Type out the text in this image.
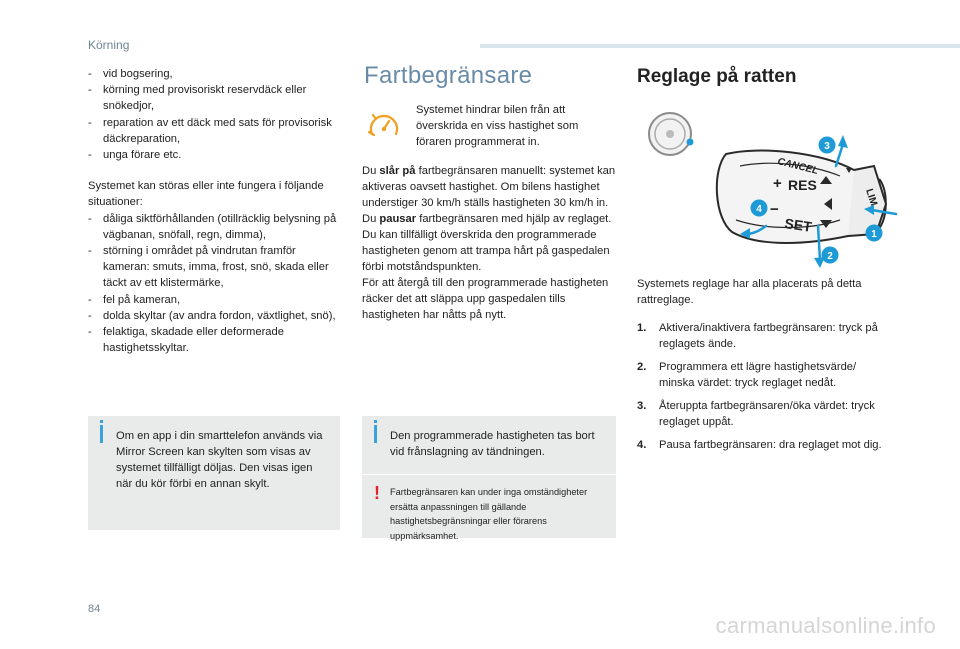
Körning
- vid bogsering,
- körning med provisoriskt reservdäck eller snökedjor,
- reparation av ett däck med sats för provisorisk däckreparation,
- unga förare etc.
Systemet kan störas eller inte fungera i följande situationer:
- dåliga siktförhållanden (otillräcklig belysning på vägbanan, snöfall, regn, dimma),
- störning i området på vindrutan framför kameran: smuts, imma, frost, snö, skada eller täckt av ett klistermärke,
- fel på kameran,
- dolda skyltar (av andra fordon, växtlighet, snö),
- felaktiga, skadade eller deformerade hastighetsskyltar.
Om en app i din smarttelefon används via Mirror Screen kan skylten som visas av systemet tillfälligt döljas. Den visas igen när du kör förbi en annan skylt.
Fartbegränsare
Systemet hindrar bilen från att överskrida en viss hastighet som föraren programmerat in.
Du slår på fartbegränsaren manuellt: systemet kan aktiveras oavsett hastighet. Om bilens hastighet understiger 30 km/h ställs hastigheten 30 km/h in.
Du pausar fartbegränsaren med hjälp av reglaget.
Du kan tillfälligt överskrida den programmerade hastigheten genom att trampa hårt på gaspedalen förbi motståndspunkten.
För att återgå till den programmerade hastigheten räcker det att släppa upp gaspedalen tills hastigheten har nåtts på nytt.
Den programmerade hastigheten tas bort vid frånslagning av tändningen.
! Fartbegränsaren kan under inga omständigheter ersätta anpassningen till gällande hastighetsbegränsningar eller förarens uppmärksamhet.
Reglage på ratten
CANCEL
+ RES
−
SET
LIM
1
2
3
4
Systemets reglage har alla placerats på detta rattreglage.
1. Aktivera/inaktivera fartbegränsaren: tryck på reglagets ände.
2. Programmera ett lägre hastighetsvärde/ minska värdet: tryck reglaget nedåt.
3. Återuppta fartbegränsaren/öka värdet: tryck reglaget uppåt.
4. Pausa fartbegränsaren: dra reglaget mot dig.
84
carmanualsonline.info
